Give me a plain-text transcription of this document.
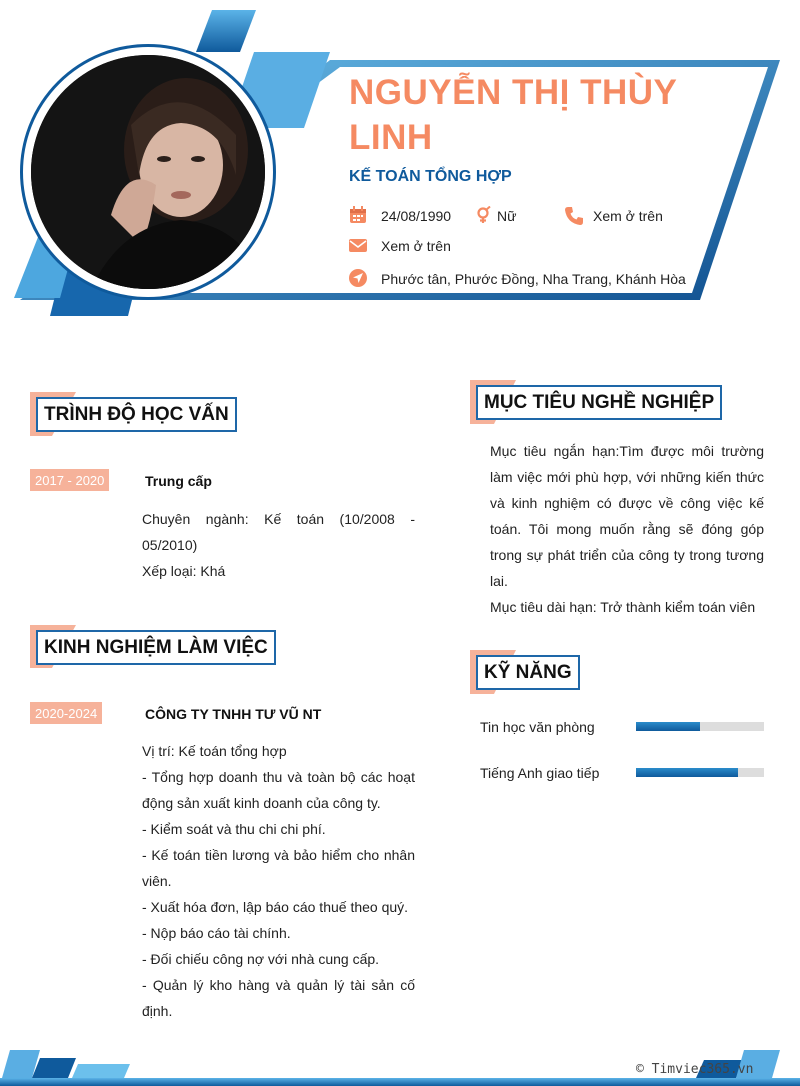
NGUYỄN THỊ THÙY LINH
KẾ TOÁN TỔNG HỢP
24/08/1990	Nữ	Xem ở trên
Xem ở trên
Phước tân, Phước Đồng, Nha Trang, Khánh Hòa
TRÌNH ĐỘ HỌC VẤN
2017 - 2020	Trung cấp

Chuyên ngành: Kế toán (10/2008 - 05/2010)

Xếp loại: Khá

KINH NGHIỆM LÀM VIỆC
2020-2024	CÔNG TY TNHH TƯ VŨ NT

Vị trí: Kế toán tổng hợp

- Tổng hợp doanh thu và toàn bộ các hoạt động sản xuất kinh doanh của công ty.

- Kiểm soát và thu chi chi phí.

- Kế toán tiền lương và bảo hiểm cho nhân viên.

- Xuất hóa đơn, lập báo cáo thuế theo quý.

- Nộp báo cáo tài chính.

- Đối chiếu công nợ với nhà cung cấp.

- Quản lý kho hàng và quản lý tài sản cố định.

MỤC TIÊU NGHỀ NGHIỆP

Mục tiêu ngắn hạn:Tìm được môi trường làm việc mới phù hợp, với những kiến thức và kinh nghiệm có được về công việc kế toán. Tôi mong muốn rằng sẽ đóng góp trong sự phát triển của công ty trong tương lai.

Mục tiêu dài hạn: Trở thành kiểm toán viên

KỸ NĂNG
Tin học văn phòng
Tiếng Anh giao tiếp
© Timviec365.vn
